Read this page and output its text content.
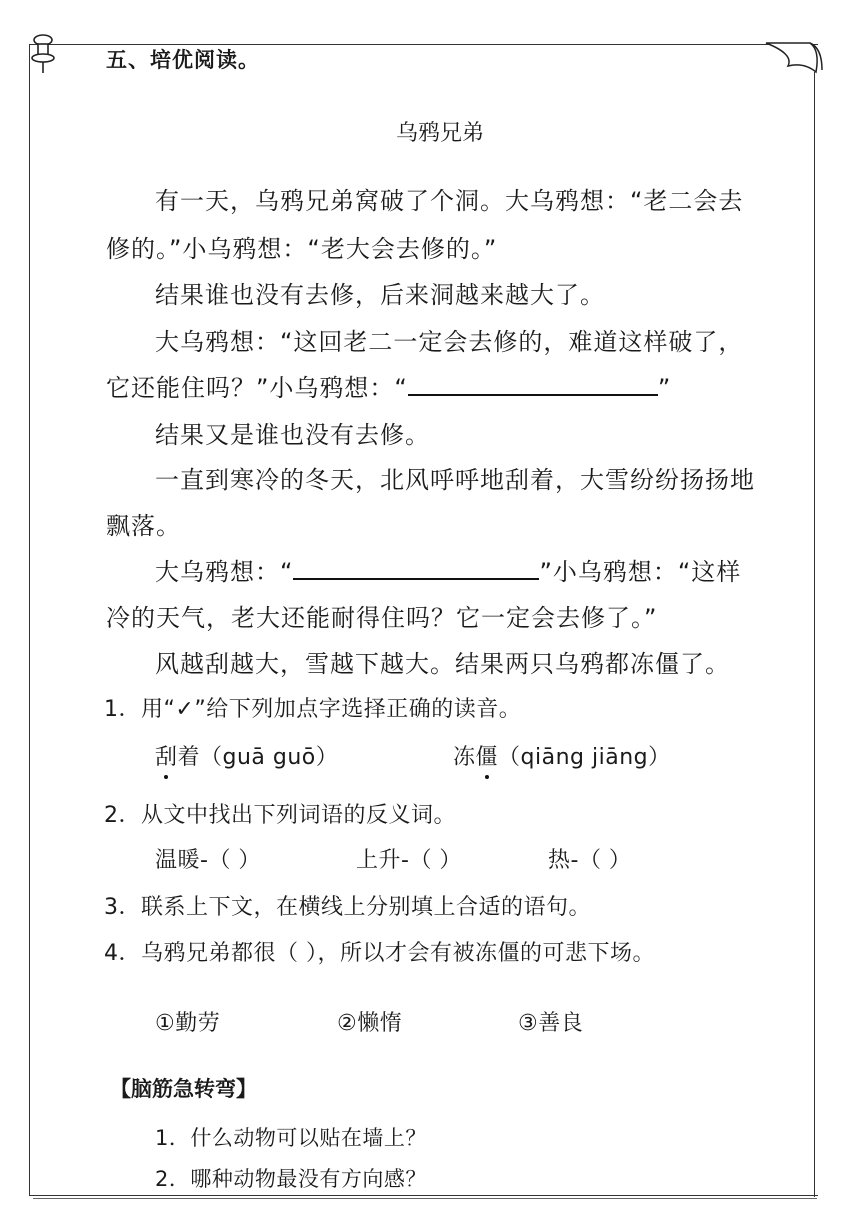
五、培优阅读。
乌鸦兄弟
有一天，乌鸦兄弟窝破了个洞。大乌鸦想：“老二会去
修的。”小乌鸦想：“老大会去修的。”
结果谁也没有去修，后来洞越来越大了。
大乌鸦想：“这回老二一定会去修的，难道这样破了，
它还能住吗？”小乌鸦想：“	”
结果又是谁也没有去修。
一直到寒冷的冬天，北风呼呼地刮着，大雪纷纷扬扬地
飘落。
大乌鸦想：“	”小乌鸦想：“这样
冷的天气，老大还能耐得住吗？它一定会去修了。”
风越刮越大，雪越下越大。结果两只乌鸦都冻僵了。
1．用“✓”给下列加点字选择正确的读音。
刮着（guā guō）	冻僵（qiāng jiāng）
2．从文中找出下列词语的反义词。
温暖-（ ）	上升-（ ）	热-（ ）
3．联系上下文，在横线上分别填上合适的语句。
4．乌鸦兄弟都很（ ），所以才会有被冻僵的可悲下场。
①勤劳	②懒惰	③善良
【脑筋急转弯】
1．什么动物可以贴在墙上？
2．哪种动物最没有方向感？
